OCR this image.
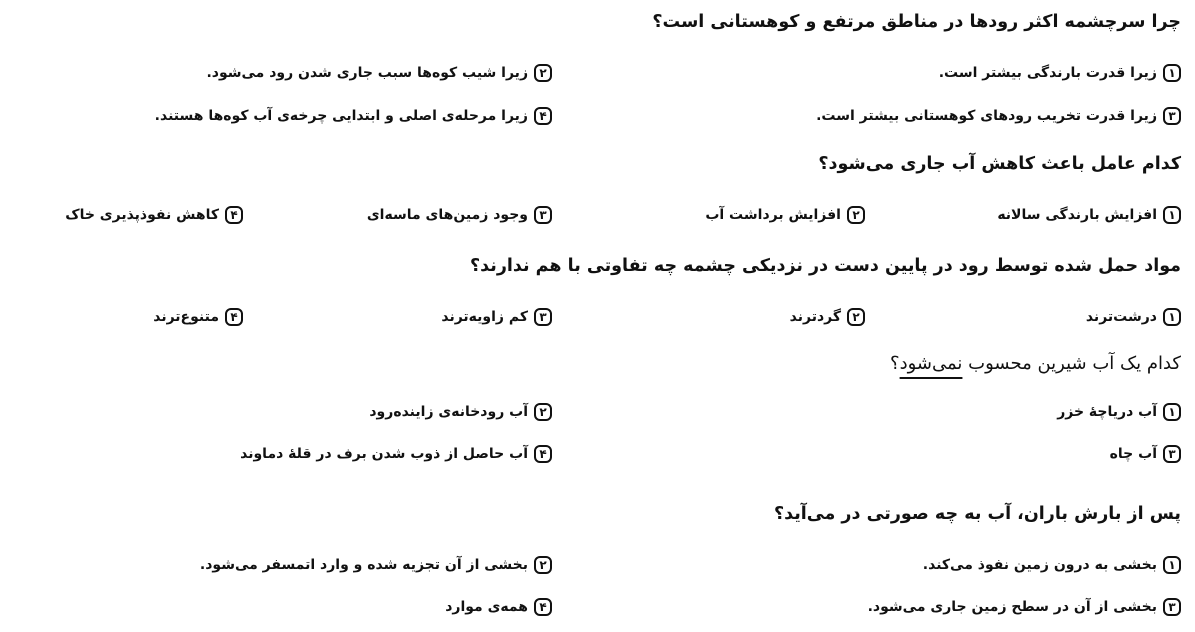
چرا سرچشمه اکثر رودها در مناطق مرتفع و کوهستانی است؟
۱
زیرا قدرت بارندگی بیشتر است.
۲
زیرا شیب کوه‌ها سبب جاری شدن رود می‌شود.
۳
زیرا قدرت تخریب رودهای کوهستانی بیشتر است.
۴
زیرا مرحله‌ی اصلی و ابتدایی چرخه‌ی آب کوه‌ها هستند.
کدام عامل باعث کاهش آب جاری می‌شود؟
۱
افزایش بارندگی سالانه
۲
افزایش برداشت آب
۳
وجود زمین‌های ماسه‌ای
۴
کاهش نفوذپذیری خاک
مواد حمل شده توسط رود در پایین دست در نزدیکی چشمه چه تفاوتی با هم ندارند؟
۱
درشت‌ترند
۲
گردترند
۳
کم زاویه‌ترند
۴
متنوع‌ترند
کدام یک آب شیرین محسوب نمی‌شود؟
۱
آب دریاچهٔ خزر
۲
آب رودخانه‌ی زاینده‌رود
۳
آب چاه
۴
آب حاصل از ذوب شدن برف در قلهٔ دماوند
پس از بارش باران، آب به چه صورتی در می‌آید؟
۱
بخشی به درون زمین نفوذ می‌کند.
۲
بخشی از آن تجزیه شده و وارد اتمسفر می‌شود.
۳
بخشی از آن در سطح زمین جاری می‌شود.
۴
همه‌ی موارد
